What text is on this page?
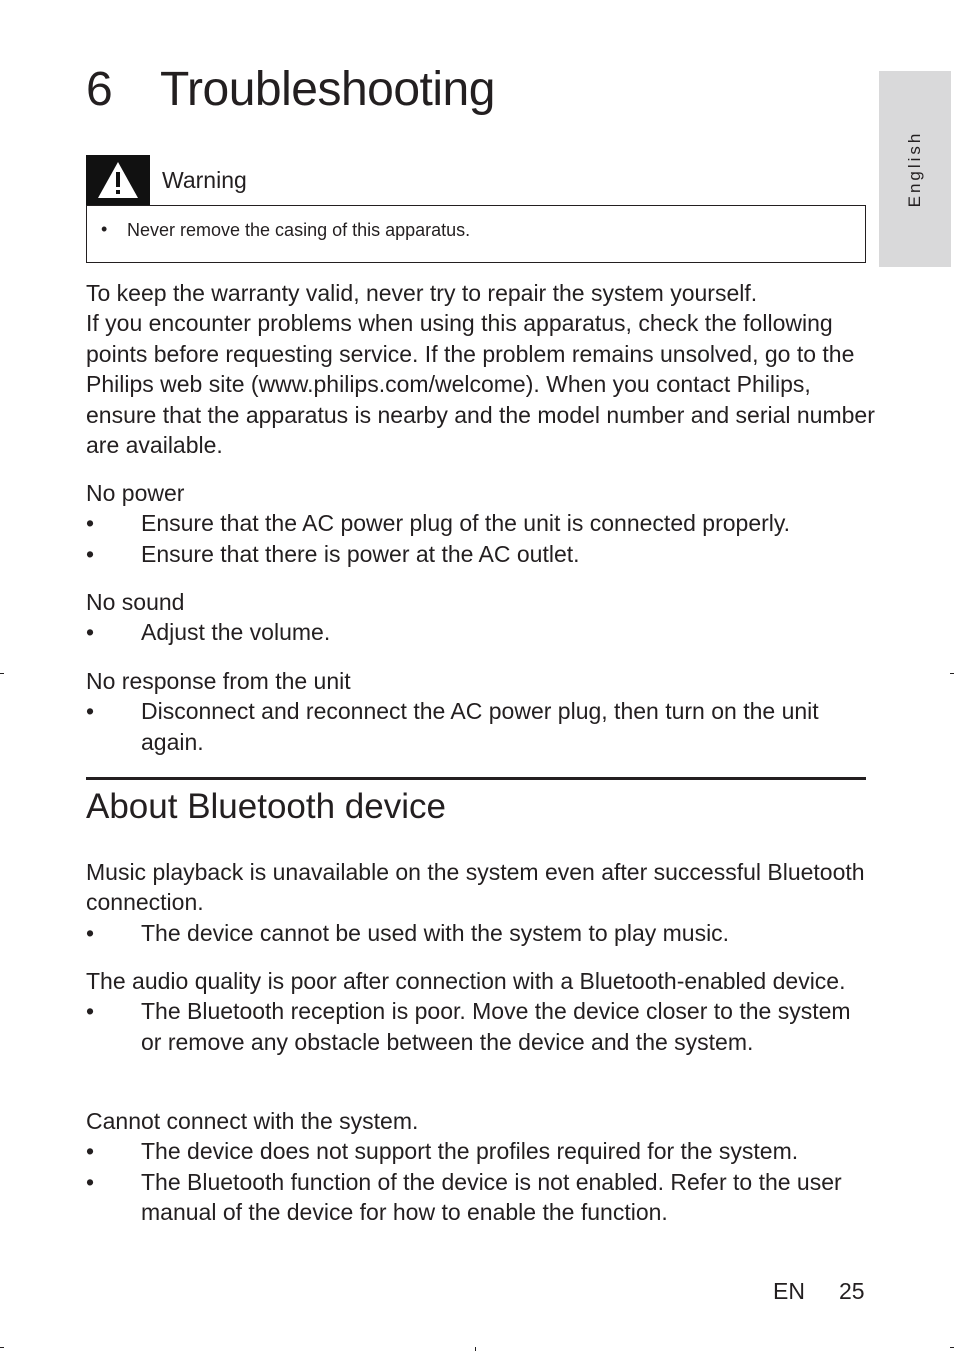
6 Troubleshooting
English
Warning
• Never remove the casing of this apparatus.

To keep the warranty valid, never try to repair the system yourself.

If you encounter problems when using this apparatus, check the following points before requesting service. If the problem remains unsolved, go to the Philips web site (www.philips.com/welcome). When you contact Philips, ensure that the apparatus is nearby and the model number and serial number are available.

No power
• Ensure that the AC power plug of the unit is connected properly.
• Ensure that there is power at the AC outlet.
No sound
• Adjust the volume.
No response from the unit
• Disconnect and reconnect the AC power plug, then turn on the unit again.
About Bluetooth device
Music playback is unavailable on the system even after successful Bluetooth connection.
• The device cannot be used with the system to play music.
The audio quality is poor after connection with a Bluetooth-enabled device.
• The Bluetooth reception is poor. Move the device closer to the system or remove any obstacle between the device and the system.
Cannot connect with the system.
• The device does not support the profiles required for the system.
• The Bluetooth function of the device is not enabled. Refer to the user manual of the device for how to enable the function.
EN 25
